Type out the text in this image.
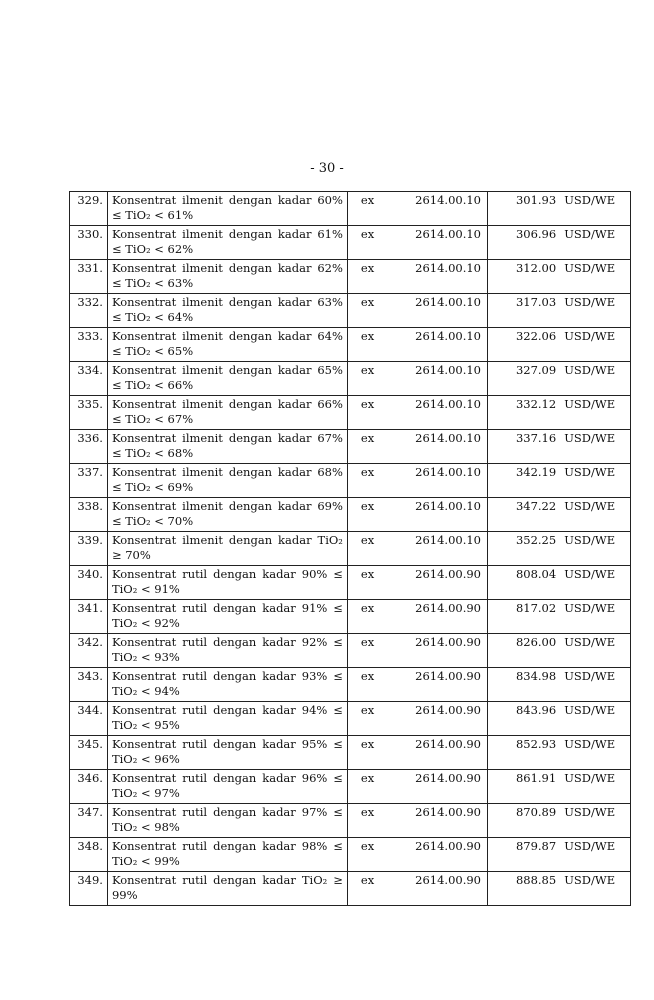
- 30 -
329.	Konsentrat ilmenit dengan kadar 60%
≤ TiO₂ < 61%	ex	2614.00.10	301.93	USD/WE
330.	Konsentrat ilmenit dengan kadar 61%
≤ TiO₂ < 62%	ex	2614.00.10	306.96	USD/WE
331.	Konsentrat ilmenit dengan kadar 62%
≤ TiO₂ < 63%	ex	2614.00.10	312.00	USD/WE
332.	Konsentrat ilmenit dengan kadar 63%
≤ TiO₂ < 64%	ex	2614.00.10	317.03	USD/WE
333.	Konsentrat ilmenit dengan kadar 64%
≤ TiO₂ < 65%	ex	2614.00.10	322.06	USD/WE
334.	Konsentrat ilmenit dengan kadar 65%
≤ TiO₂ < 66%	ex	2614.00.10	327.09	USD/WE
335.	Konsentrat ilmenit dengan kadar 66%
≤ TiO₂ < 67%	ex	2614.00.10	332.12	USD/WE
336.	Konsentrat ilmenit dengan kadar 67%
≤ TiO₂ < 68%	ex	2614.00.10	337.16	USD/WE
337.	Konsentrat ilmenit dengan kadar 68%
≤ TiO₂ < 69%	ex	2614.00.10	342.19	USD/WE
338.	Konsentrat ilmenit dengan kadar 69%
≤ TiO₂ < 70%	ex	2614.00.10	347.22	USD/WE
339.	Konsentrat ilmenit dengan kadar TiO₂
≥ 70%	ex	2614.00.10	352.25	USD/WE
340.	Konsentrat rutil dengan kadar 90% ≤
TiO₂ < 91%	ex	2614.00.90	808.04	USD/WE
341.	Konsentrat rutil dengan kadar 91% ≤
TiO₂ < 92%	ex	2614.00.90	817.02	USD/WE
342.	Konsentrat rutil dengan kadar 92% ≤
TiO₂ < 93%	ex	2614.00.90	826.00	USD/WE
343.	Konsentrat rutil dengan kadar 93% ≤
TiO₂ < 94%	ex	2614.00.90	834.98	USD/WE
344.	Konsentrat rutil dengan kadar 94% ≤
TiO₂ < 95%	ex	2614.00.90	843.96	USD/WE
345.	Konsentrat rutil dengan kadar 95% ≤
TiO₂ < 96%	ex	2614.00.90	852.93	USD/WE
346.	Konsentrat rutil dengan kadar 96% ≤
TiO₂ < 97%	ex	2614.00.90	861.91	USD/WE
347.	Konsentrat rutil dengan kadar 97% ≤
TiO₂ < 98%	ex	2614.00.90	870.89	USD/WE
348.	Konsentrat rutil dengan kadar 98% ≤
TiO₂ < 99%	ex	2614.00.90	879.87	USD/WE
349.	Konsentrat rutil dengan kadar TiO₂ ≥
99%	ex	2614.00.90	888.85	USD/WE
